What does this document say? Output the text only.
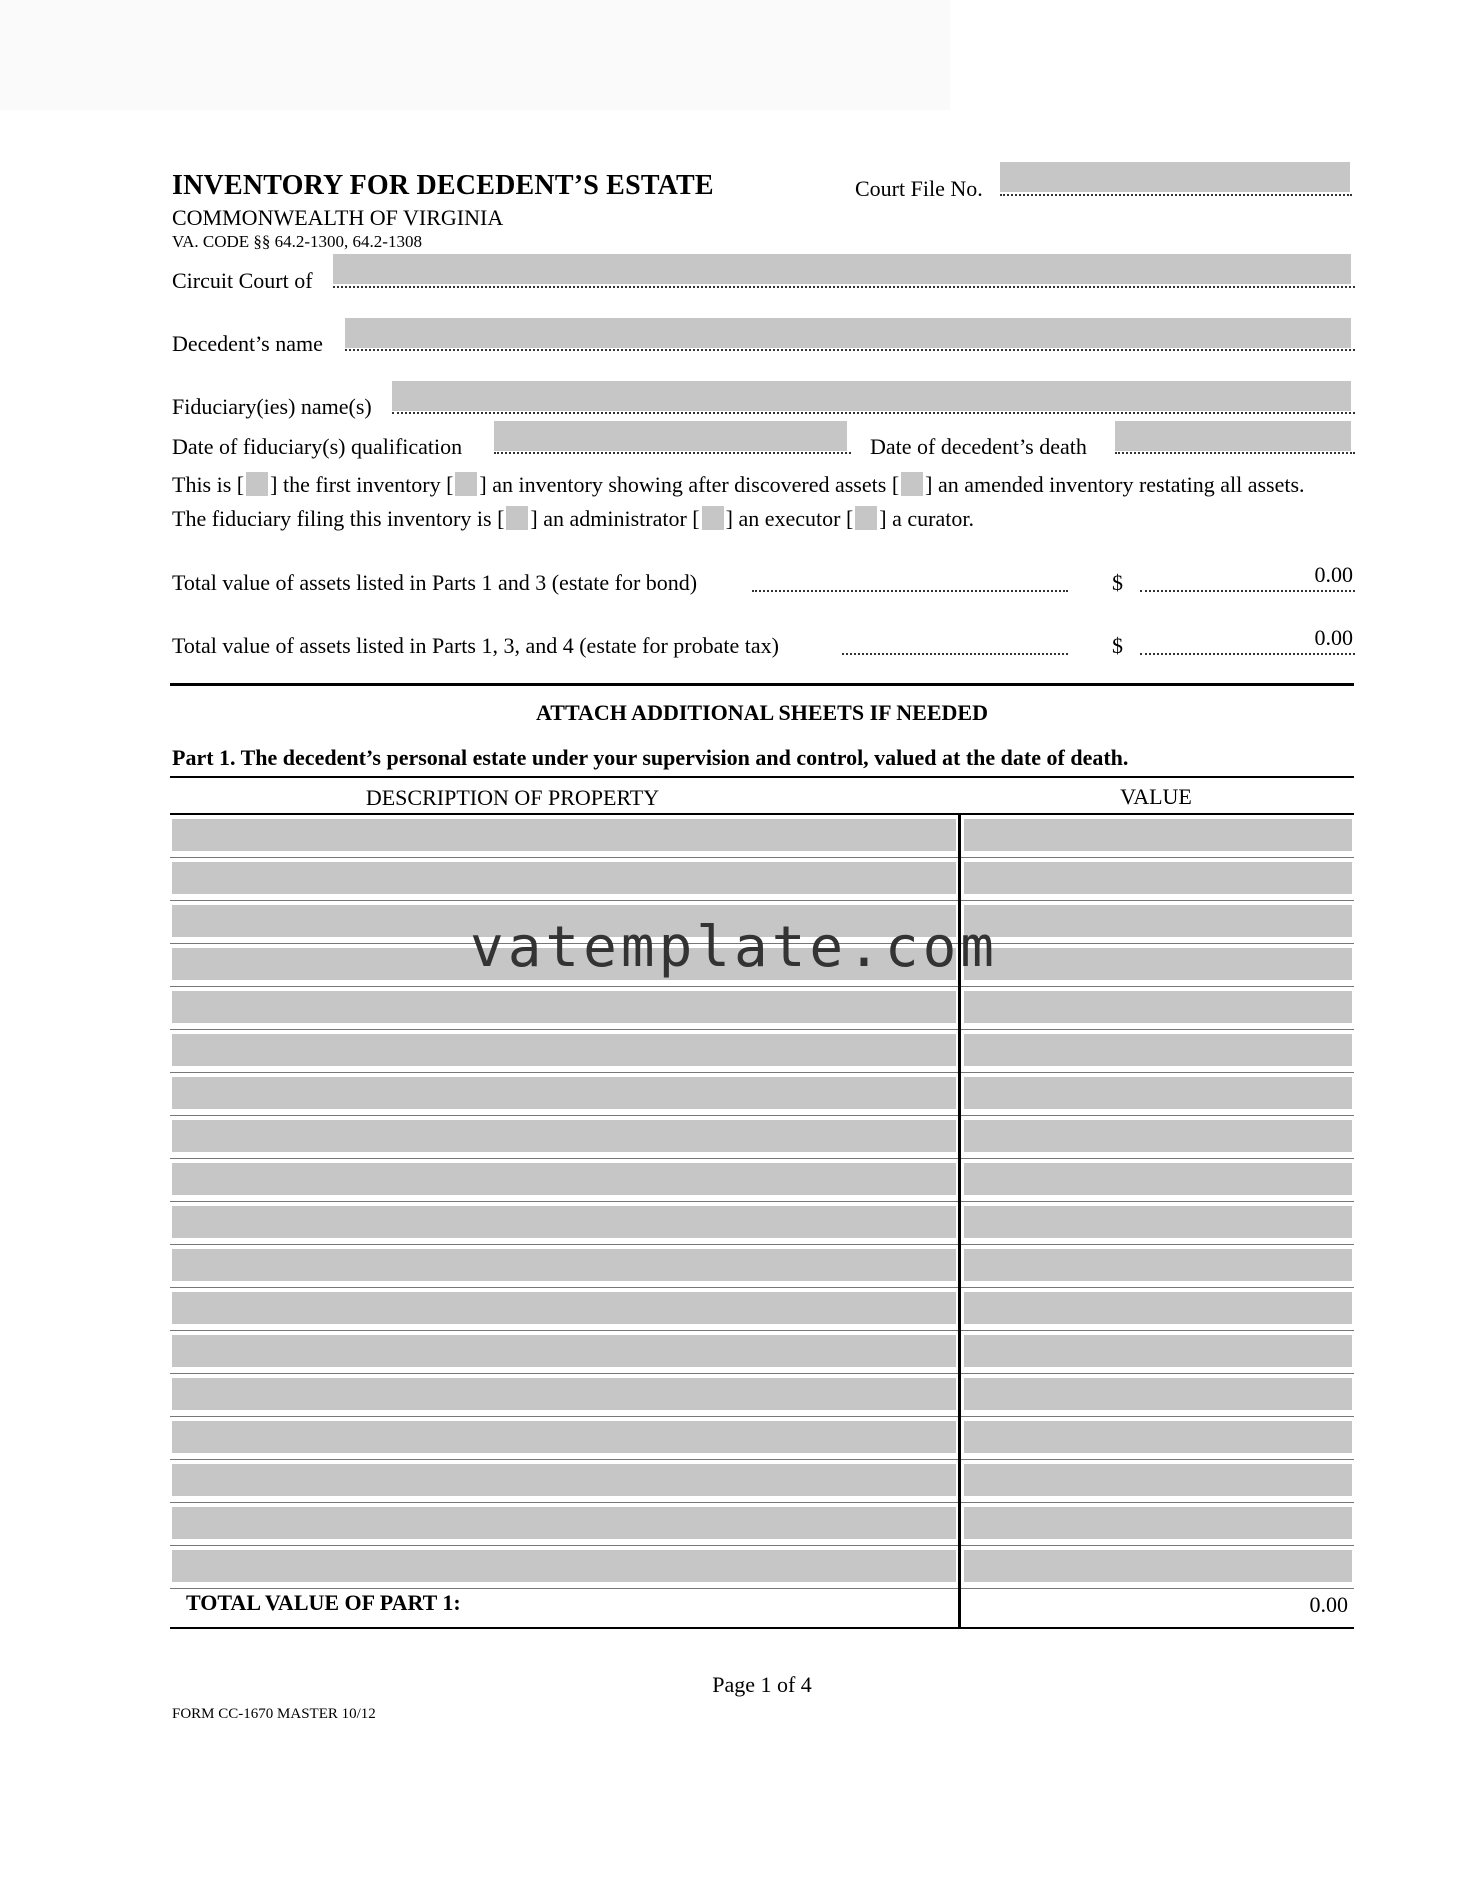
INVENTORY FOR DECEDENT’S ESTATE
COMMONWEALTH OF VIRGINIA
VA. CODE §§ 64.2-1300, 64.2-1308
Court File No.
Circuit Court of
Decedent’s name
Fiduciary(ies) name(s)
Date of fiduciary(s) qualification	Date of decedent’s death
This is [ ] the first inventory [ ] an inventory showing after discovered assets [ ] an amended inventory restating all assets.
The fiduciary filing this inventory is [ ] an administrator [ ] an executor [ ] a curator.
Total value of assets listed in Parts 1 and 3 (estate for bond)	$	0.00
Total value of assets listed in Parts 1, 3, and 4 (estate for probate tax)	$	0.00
ATTACH ADDITIONAL SHEETS IF NEEDED
Part 1. The decedent’s personal estate under your supervision and control, valued at the date of death.
DESCRIPTION OF PROPERTY	VALUE
TOTAL VALUE OF PART 1:	0.00
vatemplate.com
Page 1 of 4
FORM CC-1670 MASTER 10/12
